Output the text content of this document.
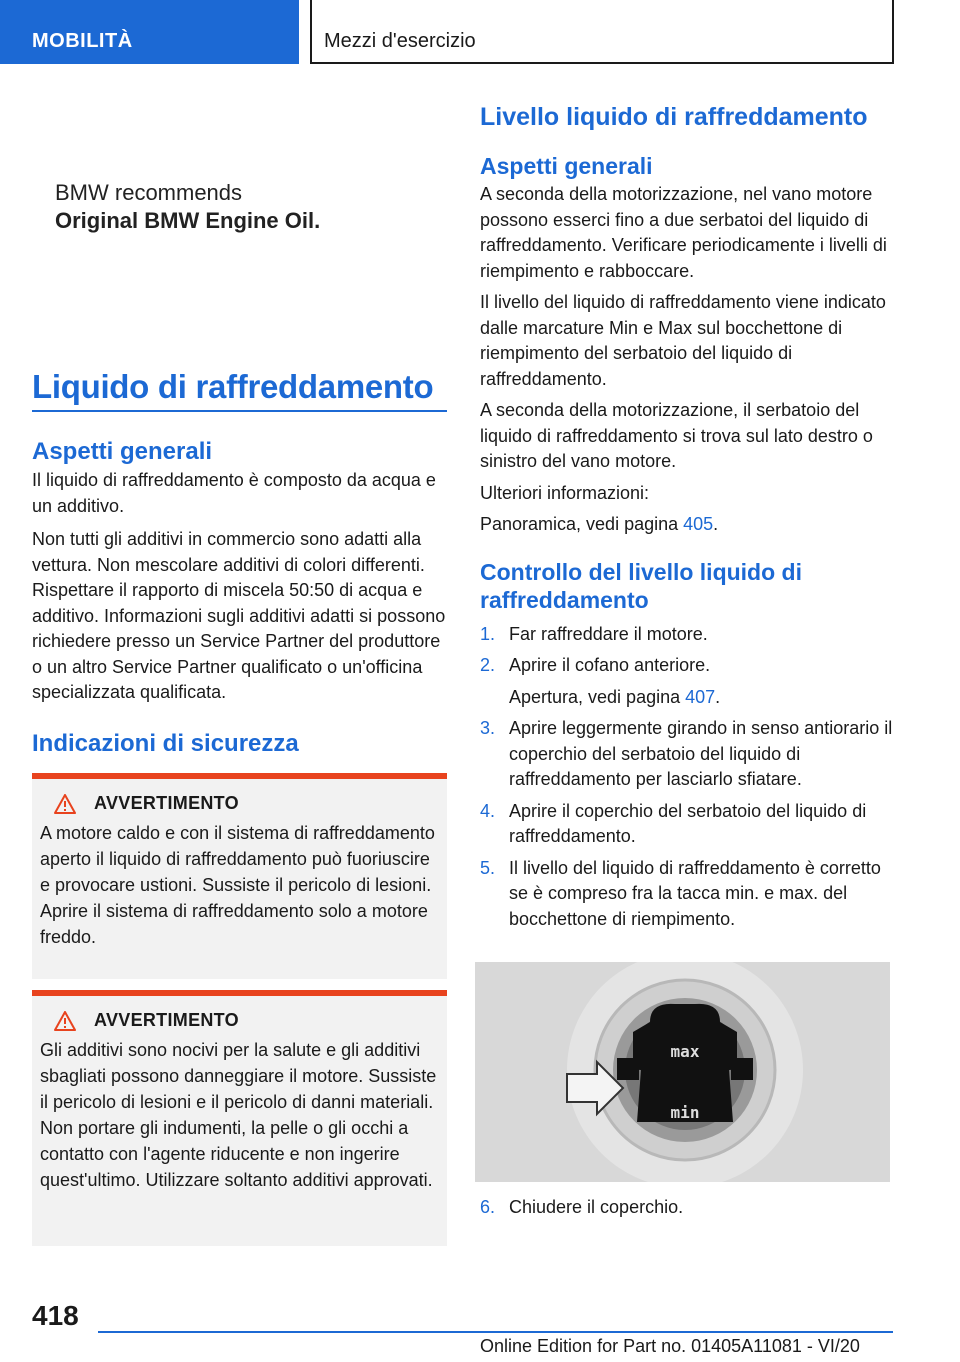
MOBILITÀ	Mezzi d'esercizio
BMW recommends
Original BMW Engine Oil.
Liquido di raffreddamento
Aspetti generali

Il liquido di raffreddamento è composto da acqua e un additivo.

Non tutti gli additivi in commercio sono adatti alla vettura. Non mescolare additivi di colori differenti. Rispettare il rapporto di miscela 50:50 di acqua e additivo. Informazioni sugli additivi adatti si possono richiedere presso un Service Partner del produttore o un altro Service Partner qualificato o un'officina specializzata qualificata.

Indicazioni di sicurezza
AVVERTIMENTO
A motore caldo e con il sistema di raffreddamento aperto il liquido di raffreddamento può fuoriuscire e provocare ustioni. Sussiste il pericolo di lesioni. Aprire il sistema di raffreddamento solo a motore freddo.
AVVERTIMENTO
Gli additivi sono nocivi per la salute e gli additivi sbagliati possono danneggiare il motore. Sussiste il pericolo di lesioni e il pericolo di danni materiali. Non portare gli indumenti, la pelle o gli occhi a contatto con l'agente riducente e non ingerire quest'ultimo. Utilizzare soltanto additivi approvati.
Livello liquido di raffreddamento
Aspetti generali

A seconda della motorizzazione, nel vano motore possono esserci fino a due serbatoi del liquido di raffreddamento. Verificare periodicamente i livelli di riempimento e rabboccare.

Il livello del liquido di raffreddamento viene indicato dalle marcature Min e Max sul bocchettone di riempimento del serbatoio del liquido di raffreddamento.

A seconda della motorizzazione, il serbatoio del liquido di raffreddamento si trova sul lato destro o sinistro del vano motore.

Ulteriori informazioni:

Panoramica, vedi pagina 405.

Controllo del livello liquido di raffreddamento
1. Far raffreddare il motore.
2. Aprire il cofano anteriore.
Apertura, vedi pagina 407.
3. Aprire leggermente girando in senso antiorario il coperchio del serbatoio del liquido di raffreddamento per lasciarlo sfiatare.
4. Aprire il coperchio del serbatoio del liquido di raffreddamento.
5. Il livello del liquido di raffreddamento è corretto se è compreso fra la tacca min. e max. del bocchettone di riempimento.
max
min
6. Chiudere il coperchio.
418
Online Edition for Part no. 01405A11081 - VI/20
